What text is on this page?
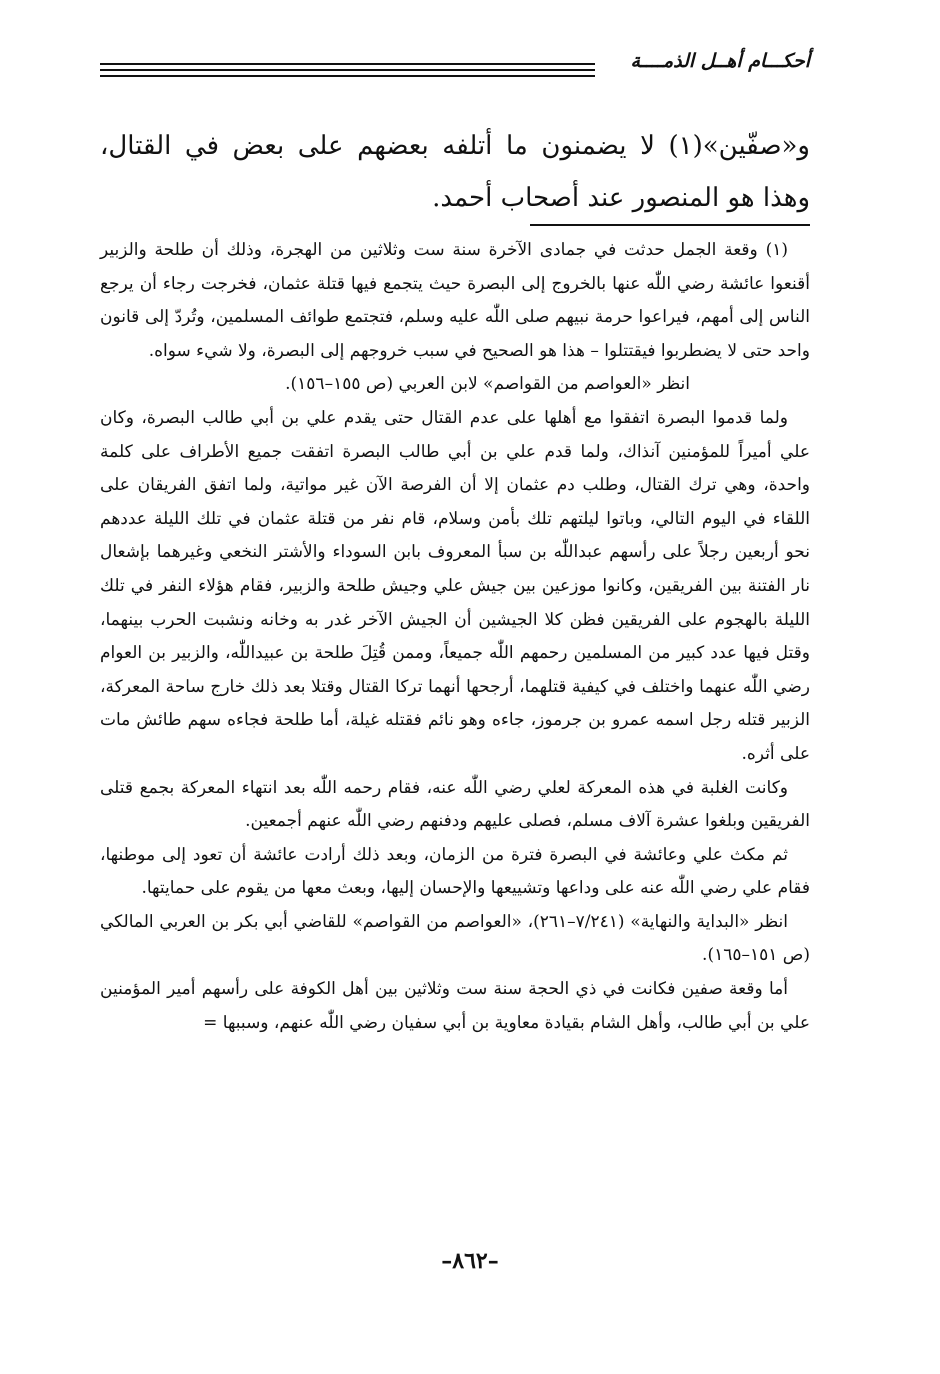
أحكـــام أهــل الذمــــة

و«صفّين»(١) لا يضمنون ما أتلفه بعضهم على بعض في القتال، وهذا هو المنصور عند أصحاب أحمد.

(١) وقعة الجمل حدثت في جمادى الآخرة سنة ست وثلاثين من الهجرة، وذلك أن طلحة والزبير أقنعوا عائشة رضي اللّٰه عنها بالخروج إلى البصرة حيث يتجمع فيها قتلة عثمان، فخرجت رجاء أن يرجع الناس إلى أمهم، فيراعوا حرمة نبيهم صلى اللّٰه عليه وسلم، فتجتمع طوائف المسلمين، وتُردّ إلى قانون واحد حتى لا يضطربوا فيقتتلوا – هذا هو الصحيح في سبب خروجهم إلى البصرة، ولا شيء سواه.

انظر «العواصم من القواصم» لابن العربي (ص ١٥٥–١٥٦).

ولما قدموا البصرة اتفقوا مع أهلها على عدم القتال حتى يقدم علي بن أبي طالب البصرة، وكان علي أميراً للمؤمنين آنذاك، ولما قدم علي بن أبي طالب البصرة اتفقت جميع الأطراف على كلمة واحدة، وهي ترك القتال، وطلب دم عثمان إلا أن الفرصة الآن غير مواتية، ولما اتفق الفريقان على اللقاء في اليوم التالي، وباتوا ليلتهم تلك بأمن وسلام، قام نفر من قتلة عثمان في تلك الليلة عددهم نحو أربعين رجلاً على رأسهم عبداللّٰه بن سبأ المعروف بابن السوداء والأشتر النخعي وغيرهما بإشعال نار الفتنة بين الفريقين، وكانوا موزعين بين جيش علي وجيش طلحة والزبير، فقام هؤلاء النفر في تلك الليلة بالهجوم على الفريقين فظن كلا الجيشين أن الجيش الآخر غدر به وخانه ونشبت الحرب بينهما، وقتل فيها عدد كبير من المسلمين رحمهم اللّٰه جميعاً، وممن قُتِلَ طلحة بن عبيداللّٰه، والزبير بن العوام رضي اللّٰه عنهما واختلف في كيفية قتلهما، أرجحها أنهما تركا القتال وقتلا بعد ذلك خارج ساحة المعركة، الزبير قتله رجل اسمه عمرو بن جرموز، جاءه وهو نائم فقتله غيلة، أما طلحة فجاءه سهم طائش مات على أثره.

وكانت الغلبة في هذه المعركة لعلي رضي اللّٰه عنه، فقام رحمه اللّٰه بعد انتهاء المعركة بجمع قتلى الفريقين وبلغوا عشرة آلاف مسلم، فصلى عليهم ودفنهم رضي اللّٰه عنهم أجمعين.

ثم مكث علي وعائشة في البصرة فترة من الزمان، وبعد ذلك أرادت عائشة أن تعود إلى موطنها، فقام علي رضي اللّٰه عنه على وداعها وتشييعها والإحسان إليها، وبعث معها من يقوم على حمايتها.

انظر «البداية والنهاية» (٧/٢٤١–٢٦١)، «العواصم من القواصم» للقاضي أبي بكر بن العربي المالكي (ص ١٥١–١٦٥).

أما وقعة صفين فكانت في ذي الحجة سنة ست وثلاثين بين أهل الكوفة على رأسهم أمير المؤمنين علي بن أبي طالب، وأهل الشام بقيادة معاوية بن أبي سفيان رضي اللّٰه عنهم، وسببها =

–٨٦٢–
